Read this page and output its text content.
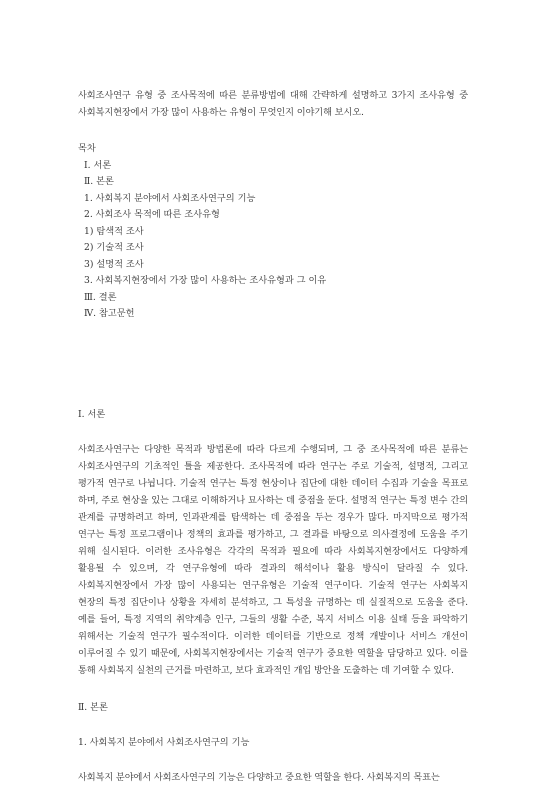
사회조사연구 유형 중 조사목적에 따른 분류방법에 대해 간략하게 설명하고 3가지 조사유형 중 사회복지현장에서 가장 많이 사용하는 유형이 무엇인지 이야기해 보시오.

목차

Ⅰ. 서론
Ⅱ. 본론
1. 사회복지 분야에서 사회조사연구의 기능
2. 사회조사 목적에 따른 조사유형
1) 탐색적 조사
2) 기술적 조사
3) 설명적 조사
3. 사회복지현장에서 가장 많이 사용하는 조사유형과 그 이유
Ⅲ. 결론
Ⅳ. 참고문헌

Ⅰ. 서론

사회조사연구는 다양한 목적과 방법론에 따라 다르게 수행되며, 그 중 조사목적에 따른 분류는 사회조사연구의 기초적인 틀을 제공한다. 조사목적에 따라 연구는 주로 기술적, 설명적, 그리고 평가적 연구로 나뉩니다. 기술적 연구는 특정 현상이나 집단에 대한 데이터 수집과 기술을 목표로 하며, 주로 현상을 있는 그대로 이해하거나 묘사하는 데 중점을 둔다. 설명적 연구는 특정 변수 간의 관계를 규명하려고 하며, 인과관계를 탐색하는 데 중점을 두는 경우가 많다. 마지막으로 평가적 연구는 특정 프로그램이나 정책의 효과를 평가하고, 그 결과를 바탕으로 의사결정에 도움을 주기 위해 실시된다. 이러한 조사유형은 각각의 목적과 필요에 따라 사회복지현장에서도 다양하게 활용될 수 있으며, 각 연구유형에 따라 결과의 해석이나 활용 방식이 달라질 수 있다. 사회복지현장에서 가장 많이 사용되는 연구유형은 기술적 연구이다. 기술적 연구는 사회복지 현장의 특정 집단이나 상황을 자세히 분석하고, 그 특성을 규명하는 데 실질적으로 도움을 준다. 예를 들어, 특정 지역의 취약계층 인구, 그들의 생활 수준, 복지 서비스 이용 실태 등을 파악하기 위해서는 기술적 연구가 필수적이다. 이러한 데이터를 기반으로 정책 개발이나 서비스 개선이 이루어질 수 있기 때문에, 사회복지현장에서는 기술적 연구가 중요한 역할을 담당하고 있다. 이를 통해 사회복지 실천의 근거를 마련하고, 보다 효과적인 개입 방안을 도출하는 데 기여할 수 있다.

Ⅱ. 본론

1. 사회복지 분야에서 사회조사연구의 기능

사회복지 분야에서 사회조사연구의 기능은 다양하고 중요한 역할을 한다. 사회복지의 목표는
